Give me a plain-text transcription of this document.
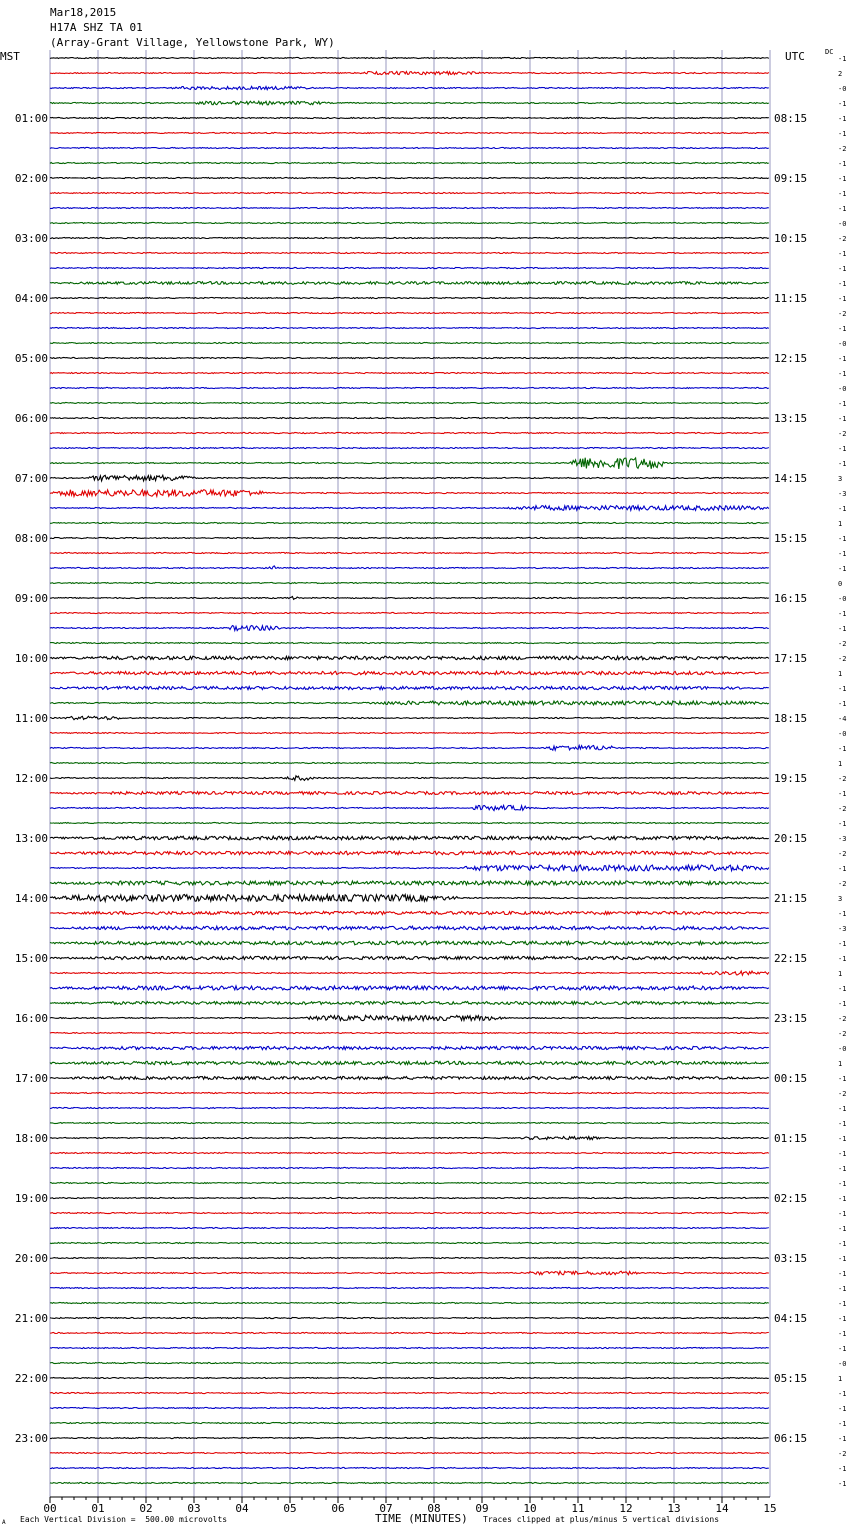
Mar18,2015
H17A SHZ TA 01
(Array-Grant Village, Yellowstone Park, WY)
MST	UTC	DC
00	01	02	03	04	05	06	07	08	09	10	11	12	13	14	15
-1
2
-0
-1
-1
-1
-2
-1
-1
-1
-1
-0
-2
-1
-1
-1
-1
-2
-1
-0
-1
-1
-0
-1
-1
-2
-1
-1
3
-3
-1
1
-1
-1
-1
0
-0
-1
-1
-2
-2
1
-1
-1
-4
-0
-1
1
-2
-1
-2
-1
-3
-2
-1
-2
3
-1
-3
-1
-1
1
-1
-1
-2
-2
-0
1
-1
-2
-1
-1
-1
-1
-1
-1
-1
-1
-1
-1
-1
-1
-1
-1
-1
-1
-1
-0
1
-1
-1
-1
-1
-2
-1
-1
01:00
02:00
03:00
04:00
05:00
06:00
07:00
08:00
09:00
10:00
11:00
12:00
13:00
14:00
15:00
16:00
17:00
18:00
19:00
20:00
21:00
22:00
23:00
08:15
09:15
10:15
11:15
12:15
13:15
14:15
15:15
16:15
17:15
18:15
19:15
20:15
21:15
22:15
23:15
00:15
01:15
02:15
03:15
04:15
05:15
06:15
A Each Vertical Division =  500.00 microvolts	TIME (MINUTES) Traces clipped at plus/minus 5 vertical divisions
